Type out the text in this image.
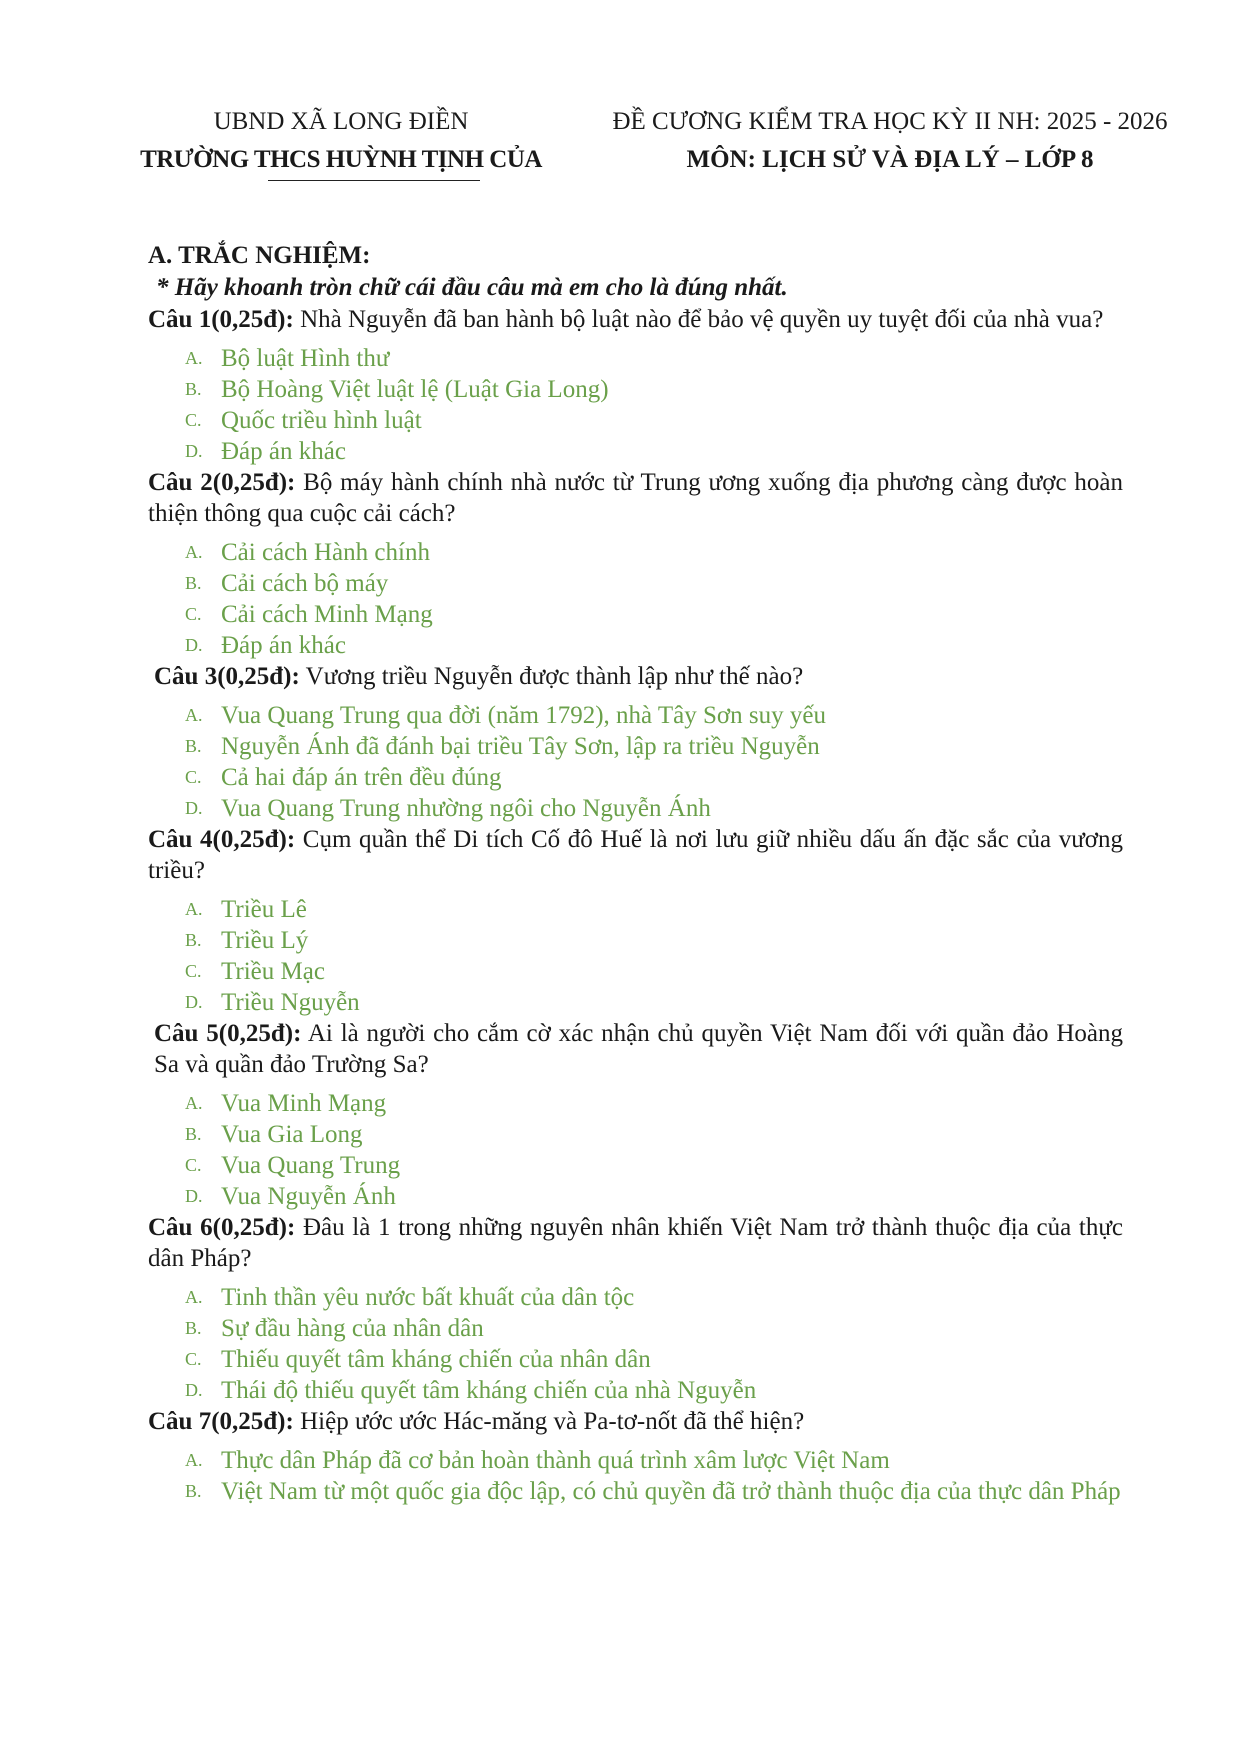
UBND XÃ LONG ĐIỀN
TRƯỜNG THCS HUỲNH TỊNH CỦA
ĐỀ CƯƠNG KIỂM TRA HỌC KỲ II NH: 2025 - 2026
MÔN: LỊCH SỬ VÀ ĐỊA LÝ – LỚP 8
A. TRẮC NGHIỆM:
* Hãy khoanh tròn chữ cái đầu câu mà em cho là đúng nhất.
Câu 1(0,25đ): Nhà Nguyễn đã ban hành bộ luật nào để bảo vệ quyền uy tuyệt đối của nhà vua?
A. Bộ luật Hình thư
B. Bộ Hoàng Việt luật lệ (Luật Gia Long)
C. Quốc triều hình luật
D. Đáp án khác
Câu 2(0,25đ): Bộ máy hành chính nhà nước từ Trung ương xuống địa phương càng được hoàn thiện thông qua cuộc cải cách?
A. Cải cách Hành chính
B. Cải cách bộ máy
C. Cải cách Minh Mạng
D. Đáp án khác
Câu 3(0,25đ): Vương triều Nguyễn được thành lập như thế nào?
A. Vua Quang Trung qua đời (năm 1792), nhà Tây Sơn suy yếu
B. Nguyễn Ánh đã đánh bại triều Tây Sơn, lập ra triều Nguyễn
C. Cả hai đáp án trên đều đúng
D. Vua Quang Trung nhường ngôi cho Nguyễn Ánh
Câu 4(0,25đ): Cụm quần thể Di tích Cố đô Huế là nơi lưu giữ nhiều dấu ấn đặc sắc của vương triều?
A. Triều Lê
B. Triều Lý
C. Triều Mạc
D. Triều Nguyễn
Câu 5(0,25đ): Ai là người cho cắm cờ xác nhận chủ quyền Việt Nam đối với quần đảo Hoàng Sa và quần đảo Trường Sa?
A. Vua Minh Mạng
B. Vua Gia Long
C. Vua Quang Trung
D. Vua Nguyễn Ánh
Câu 6(0,25đ): Đâu là 1 trong những nguyên nhân khiến Việt Nam trở thành thuộc địa của thực dân Pháp?
A. Tinh thần yêu nước bất khuất của dân tộc
B. Sự đầu hàng của nhân dân
C. Thiếu quyết tâm kháng chiến của nhân dân
D. Thái độ thiếu quyết tâm kháng chiến của nhà Nguyễn
Câu 7(0,25đ): Hiệp ước ước Hác-măng và Pa-tơ-nốt đã thể hiện?
A. Thực dân Pháp đã cơ bản hoàn thành quá trình xâm lược Việt Nam
B. Việt Nam từ một quốc gia độc lập, có chủ quyền đã trở thành thuộc địa của thực dân Pháp
